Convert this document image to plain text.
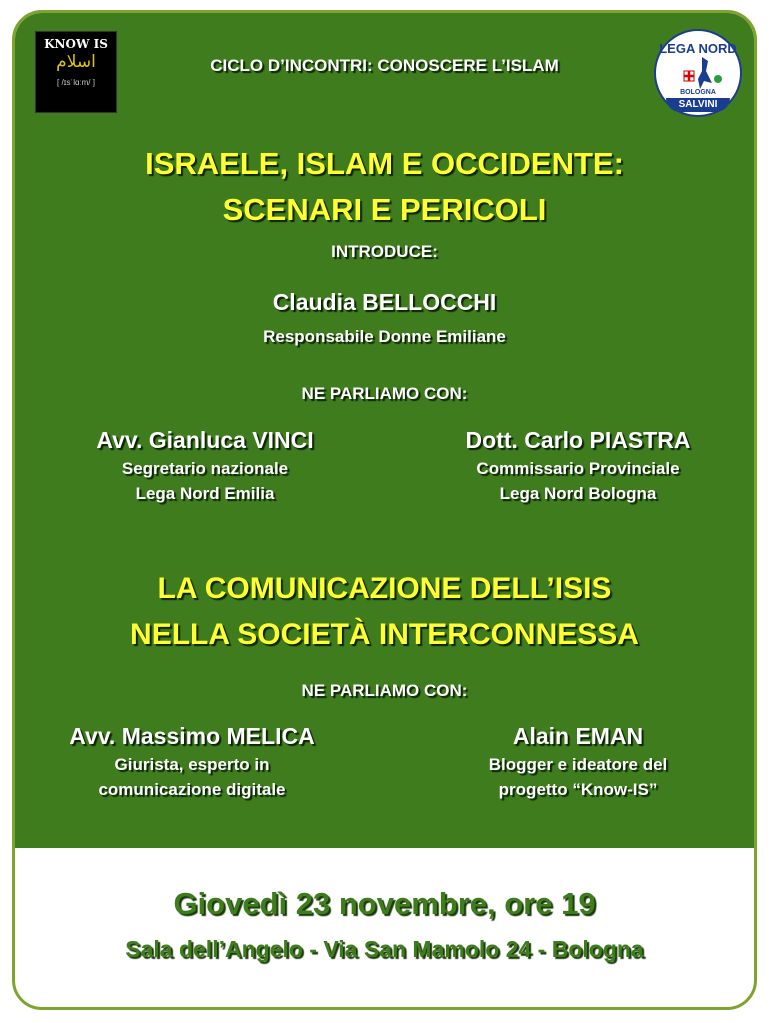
KNOW IS
اسلام
[ /ɪsˈlɑːm/ ]
LEGA NORD
BOLOGNA
SALVINI
CICLO D’INCONTRI: CONOSCERE L’ISLAM
ISRAELE, ISLAM E OCCIDENTE:
SCENARI E PERICOLI
INTRODUCE:
Claudia BELLOCCHI
Responsabile Donne Emiliane
NE PARLIAMO CON:
Avv. Gianluca VINCI
Segretario nazionale
Lega Nord Emilia
Dott. Carlo PIASTRA
Commissario Provinciale
Lega Nord Bologna
LA COMUNICAZIONE DELL’ISIS
NELLA SOCIETÀ INTERCONNESSA
NE PARLIAMO CON:
Avv. Massimo MELICA
Giurista, esperto in
comunicazione digitale
Alain EMAN
Blogger e ideatore del
progetto “Know-IS”
Giovedì 23 novembre, ore 19
Sala dell’Angelo - Via San Mamolo 24 - Bologna
